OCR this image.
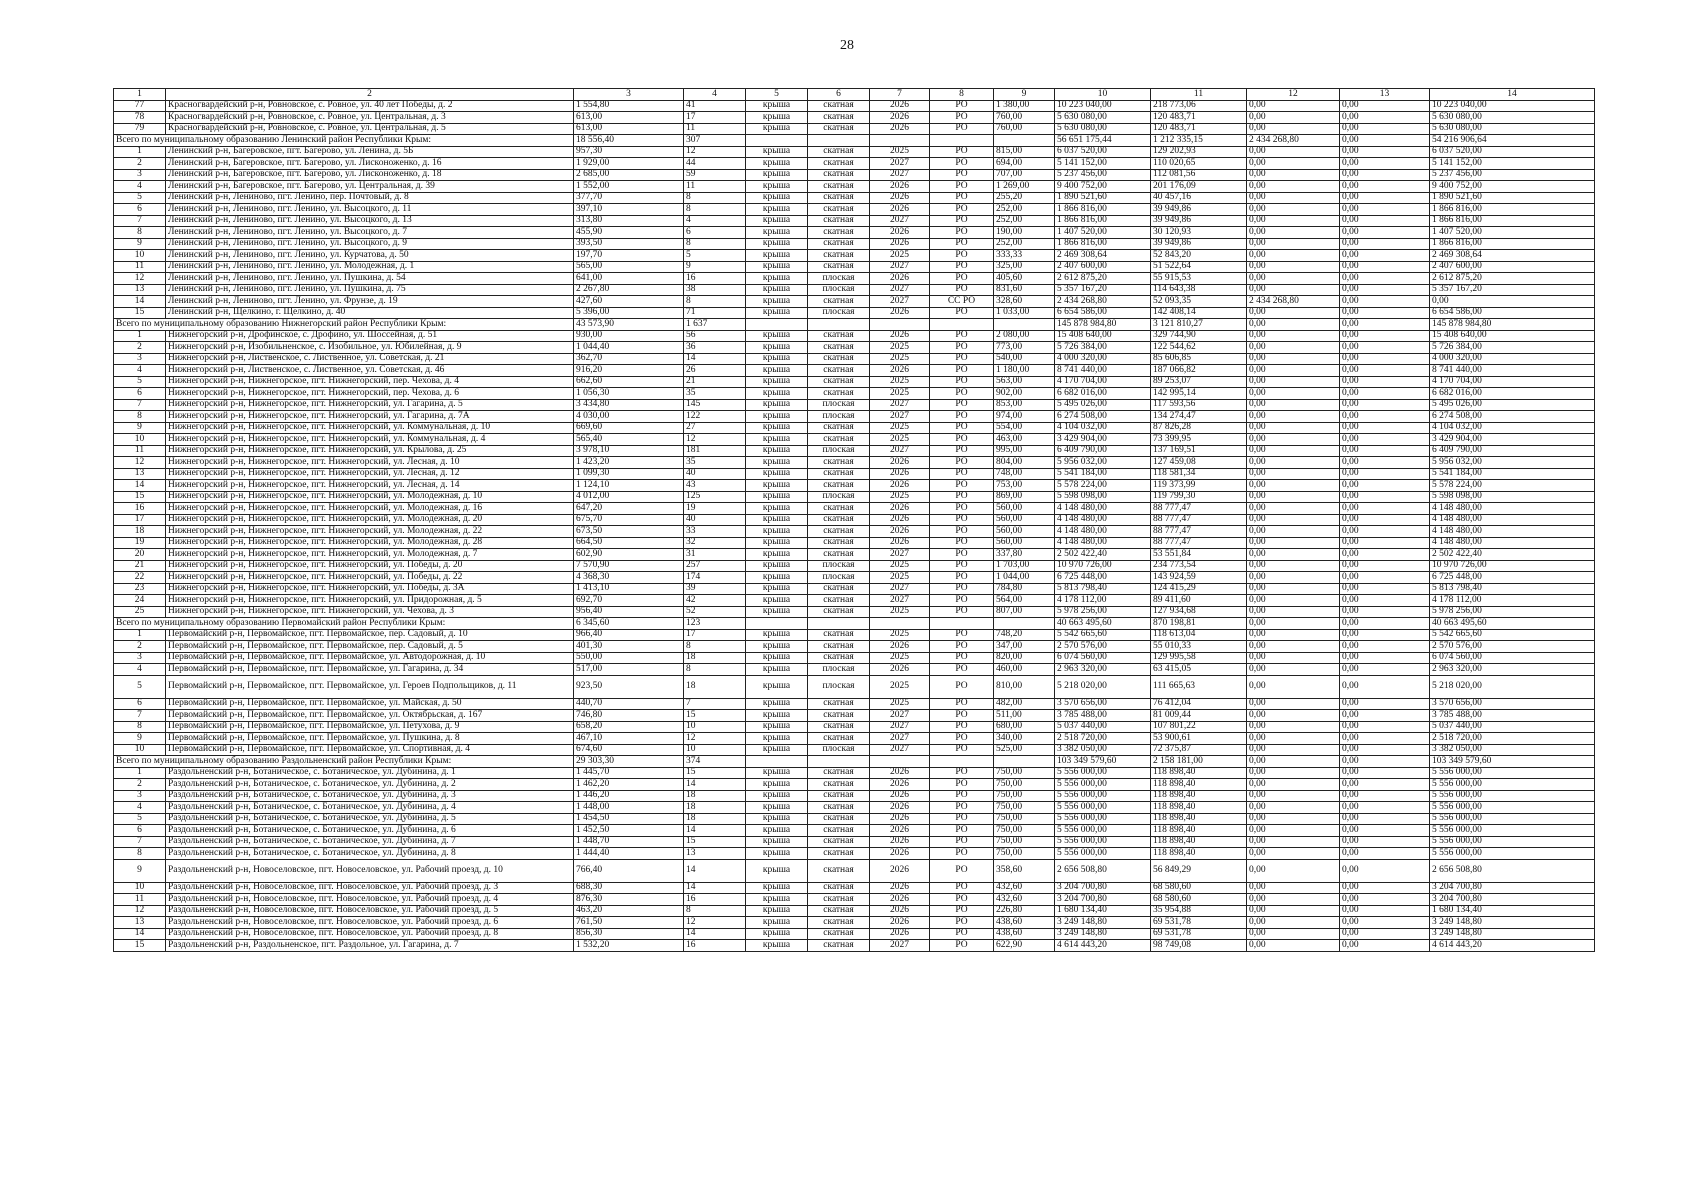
28
1	2	3	4	5	6	7	8	9	10	11	12	13	14
77	Красногвардейский р-н, Ровновское, с. Ровное, ул. 40 лет Победы, д. 2	1 554,80	41	крыша	скатная	2026	РО	1 380,00	10 223 040,00	218 773,06	0,00	0,00	10 223 040,00
78	Красногвардейский р-н, Ровновское, с. Ровное, ул. Центральная, д. 3	613,00	17	крыша	скатная	2026	РО	760,00	5 630 080,00	120 483,71	0,00	0,00	5 630 080,00
79	Красногвардейский р-н, Ровновское, с. Ровное, ул. Центральная, д. 5	613,00	11	крыша	скатная	2026	РО	760,00	5 630 080,00	120 483,71	0,00	0,00	5 630 080,00
Всего по муниципальному образованию Ленинский район Республики Крым:		18 556,40	307						56 651 175,44	1 212 335,15	2 434 268,80	0,00	54 216 906,64
1	Ленинский р-н, Багеровское, пгт. Багерово, ул. Ленина, д. 5Б	957,30	12	крыша	скатная	2025	РО	815,00	6 037 520,00	129 202,93	0,00	0,00	6 037 520,00
2	Ленинский р-н, Багеровское, пгт. Багерово, ул. Лисконоженко, д. 16	1 929,00	44	крыша	скатная	2027	РО	694,00	5 141 152,00	110 020,65	0,00	0,00	5 141 152,00
3	Ленинский р-н, Багеровское, пгт. Багерово, ул. Лисконоженко, д. 18	2 685,00	59	крыша	скатная	2027	РО	707,00	5 237 456,00	112 081,56	0,00	0,00	5 237 456,00
4	Ленинский р-н, Багеровское, пгт. Багерово, ул. Центральная, д. 39	1 552,00	11	крыша	скатная	2026	РО	1 269,00	9 400 752,00	201 176,09	0,00	0,00	9 400 752,00
5	Ленинский р-н, Лениново, пгт. Ленино, пер. Почтовый, д. 8	377,70	8	крыша	скатная	2026	РО	255,20	1 890 521,60	40 457,16	0,00	0,00	1 890 521,60
6	Ленинский р-н, Лениново, пгт. Ленино, ул. Высоцкого, д. 11	397,10	8	крыша	скатная	2026	РО	252,00	1 866 816,00	39 949,86	0,00	0,00	1 866 816,00
7	Ленинский р-н, Лениново, пгт. Ленино, ул. Высоцкого, д. 13	313,80	4	крыша	скатная	2027	РО	252,00	1 866 816,00	39 949,86	0,00	0,00	1 866 816,00
8	Ленинский р-н, Лениново, пгт. Ленино, ул. Высоцкого, д. 7	455,90	6	крыша	скатная	2026	РО	190,00	1 407 520,00	30 120,93	0,00	0,00	1 407 520,00
9	Ленинский р-н, Лениново, пгт. Ленино, ул. Высоцкого, д. 9	393,50	8	крыша	скатная	2026	РО	252,00	1 866 816,00	39 949,86	0,00	0,00	1 866 816,00
10	Ленинский р-н, Лениново, пгт. Ленино, ул. Курчатова, д. 50	197,70	5	крыша	скатная	2025	РО	333,33	2 469 308,64	52 843,20	0,00	0,00	2 469 308,64
11	Ленинский р-н, Лениново, пгт. Ленино, ул. Молодежная, д. 1	565,00	9	крыша	скатная	2027	РО	325,00	2 407 600,00	51 522,64	0,00	0,00	2 407 600,00
12	Ленинский р-н, Лениново, пгт. Ленино, ул. Пушкина, д. 54	641,00	16	крыша	плоская	2026	РО	405,60	2 612 875,20	55 915,53	0,00	0,00	2 612 875,20
13	Ленинский р-н, Лениново, пгт. Ленино, ул. Пушкина, д. 75	2 267,80	38	крыша	плоская	2027	РО	831,60	5 357 167,20	114 643,38	0,00	0,00	5 357 167,20
14	Ленинский р-н, Лениново, пгт. Ленино, ул. Фрунзе, д. 19	427,60	8	крыша	скатная	2027	СС РО	328,60	2 434 268,80	52 093,35	2 434 268,80	0,00	0,00
15	Ленинский р-н, Щелкино, г. Щелкино, д. 40	5 396,00	71	крыша	плоская	2026	РО	1 033,00	6 654 586,00	142 408,14	0,00	0,00	6 654 586,00
Всего по муниципальному образованию Нижнегорский район Республики Крым:		43 573,90	1 637						145 878 984,80	3 121 810,27	0,00	0,00	145 878 984,80
1	Нижнегорский р-н, Дрофинское, с. Дрофино, ул. Шоссейная, д. 51	930,00	56	крыша	скатная	2026	РО	2 080,00	15 408 640,00	329 744,90	0,00	0,00	15 408 640,00
2	Нижнегорский р-н, Изобильненское, с. Изобильное, ул. Юбилейная, д. 9	1 044,40	36	крыша	скатная	2025	РО	773,00	5 726 384,00	122 544,62	0,00	0,00	5 726 384,00
3	Нижнегорский р-н, Лиственское, с. Лиственное, ул. Советская, д. 21	362,70	14	крыша	скатная	2025	РО	540,00	4 000 320,00	85 606,85	0,00	0,00	4 000 320,00
4	Нижнегорский р-н, Лиственское, с. Лиственное, ул. Советская, д. 46	916,20	26	крыша	скатная	2026	РО	1 180,00	8 741 440,00	187 066,82	0,00	0,00	8 741 440,00
5	Нижнегорский р-н, Нижнегорское, пгт. Нижнегорский, пер. Чехова, д. 4	662,60	21	крыша	скатная	2025	РО	563,00	4 170 704,00	89 253,07	0,00	0,00	4 170 704,00
6	Нижнегорский р-н, Нижнегорское, пгт. Нижнегорский, пер. Чехова, д. 6	1 056,30	35	крыша	скатная	2025	РО	902,00	6 682 016,00	142 995,14	0,00	0,00	6 682 016,00
7	Нижнегорский р-н, Нижнегорское, пгт. Нижнегорский, ул. Гагарина, д. 5	3 434,80	145	крыша	плоская	2027	РО	853,00	5 495 026,00	117 593,56	0,00	0,00	5 495 026,00
8	Нижнегорский р-н, Нижнегорское, пгт. Нижнегорский, ул. Гагарина, д. 7А	4 030,00	122	крыша	плоская	2027	РО	974,00	6 274 508,00	134 274,47	0,00	0,00	6 274 508,00
9	Нижнегорский р-н, Нижнегорское, пгт. Нижнегорский, ул. Коммунальная, д. 10	669,60	27	крыша	скатная	2025	РО	554,00	4 104 032,00	87 826,28	0,00	0,00	4 104 032,00
10	Нижнегорский р-н, Нижнегорское, пгт. Нижнегорский, ул. Коммунальная, д. 4	565,40	12	крыша	скатная	2025	РО	463,00	3 429 904,00	73 399,95	0,00	0,00	3 429 904,00
11	Нижнегорский р-н, Нижнегорское, пгт. Нижнегорский, ул. Крылова, д. 25	3 978,10	181	крыша	плоская	2027	РО	995,00	6 409 790,00	137 169,51	0,00	0,00	6 409 790,00
12	Нижнегорский р-н, Нижнегорское, пгт. Нижнегорский, ул. Лесная, д. 10	1 423,20	35	крыша	скатная	2026	РО	804,00	5 956 032,00	127 459,08	0,00	0,00	5 956 032,00
13	Нижнегорский р-н, Нижнегорское, пгт. Нижнегорский, ул. Лесная, д. 12	1 099,30	40	крыша	скатная	2026	РО	748,00	5 541 184,00	118 581,34	0,00	0,00	5 541 184,00
14	Нижнегорский р-н, Нижнегорское, пгт. Нижнегорский, ул. Лесная, д. 14	1 124,10	43	крыша	скатная	2026	РО	753,00	5 578 224,00	119 373,99	0,00	0,00	5 578 224,00
15	Нижнегорский р-н, Нижнегорское, пгт. Нижнегорский, ул. Молодежная, д. 10	4 012,00	125	крыша	плоская	2025	РО	869,00	5 598 098,00	119 799,30	0,00	0,00	5 598 098,00
16	Нижнегорский р-н, Нижнегорское, пгт. Нижнегорский, ул. Молодежная, д. 16	647,20	19	крыша	скатная	2026	РО	560,00	4 148 480,00	88 777,47	0,00	0,00	4 148 480,00
17	Нижнегорский р-н, Нижнегорское, пгт. Нижнегорский, ул. Молодежная, д. 20	675,70	40	крыша	скатная	2026	РО	560,00	4 148 480,00	88 777,47	0,00	0,00	4 148 480,00
18	Нижнегорский р-н, Нижнегорское, пгт. Нижнегорский, ул. Молодежная, д. 22	673,50	33	крыша	скатная	2026	РО	560,00	4 148 480,00	88 777,47	0,00	0,00	4 148 480,00
19	Нижнегорский р-н, Нижнегорское, пгт. Нижнегорский, ул. Молодежная, д. 28	664,50	32	крыша	скатная	2026	РО	560,00	4 148 480,00	88 777,47	0,00	0,00	4 148 480,00
20	Нижнегорский р-н, Нижнегорское, пгт. Нижнегорский, ул. Молодежная, д. 7	602,90	31	крыша	скатная	2027	РО	337,80	2 502 422,40	53 551,84	0,00	0,00	2 502 422,40
21	Нижнегорский р-н, Нижнегорское, пгт. Нижнегорский, ул. Победы, д. 20	7 570,90	257	крыша	плоская	2025	РО	1 703,00	10 970 726,00	234 773,54	0,00	0,00	10 970 726,00
22	Нижнегорский р-н, Нижнегорское, пгт. Нижнегорский, ул. Победы, д. 22	4 368,30	174	крыша	плоская	2025	РО	1 044,00	6 725 448,00	143 924,59	0,00	0,00	6 725 448,00
23	Нижнегорский р-н, Нижнегорское, пгт. Нижнегорский, ул. Победы, д. 3А	1 413,10	39	крыша	скатная	2027	РО	784,80	5 813 798,40	124 415,29	0,00	0,00	5 813 798,40
24	Нижнегорский р-н, Нижнегорское, пгт. Нижнегорский, ул. Придорожная, д. 5	692,70	42	крыша	скатная	2027	РО	564,00	4 178 112,00	89 411,60	0,00	0,00	4 178 112,00
25	Нижнегорский р-н, Нижнегорское, пгт. Нижнегорский, ул. Чехова, д. 3	956,40	52	крыша	скатная	2025	РО	807,00	5 978 256,00	127 934,68	0,00	0,00	5 978 256,00
Всего по муниципальному образованию Первомайский район Республики Крым:		6 345,60	123						40 663 495,60	870 198,81	0,00	0,00	40 663 495,60
1	Первомайский р-н, Первомайское, пгт. Первомайское, пер. Садовый, д. 10	966,40	17	крыша	скатная	2025	РО	748,20	5 542 665,60	118 613,04	0,00	0,00	5 542 665,60
2	Первомайский р-н, Первомайское, пгт. Первомайское, пер. Садовый, д. 5	401,30	8	крыша	скатная	2026	РО	347,00	2 570 576,00	55 010,33	0,00	0,00	2 570 576,00
3	Первомайский р-н, Первомайское, пгт. Первомайское, ул. Автодорожная, д. 10	550,00	18	крыша	скатная	2025	РО	820,00	6 074 560,00	129 995,58	0,00	0,00	6 074 560,00
4	Первомайский р-н, Первомайское, пгт. Первомайское, ул. Гагарина, д. 34	517,00	8	крыша	плоская	2026	РО	460,00	2 963 320,00	63 415,05	0,00	0,00	2 963 320,00
5	Первомайский р-н, Первомайское, пгт. Первомайское, ул. Героев Подпольщиков, д. 11	923,50	18	крыша	плоская	2025	РО	810,00	5 218 020,00	111 665,63	0,00	0,00	5 218 020,00
6	Первомайский р-н, Первомайское, пгт. Первомайское, ул. Майская, д. 50	440,70	7	крыша	скатная	2025	РО	482,00	3 570 656,00	76 412,04	0,00	0,00	3 570 656,00
7	Первомайский р-н, Первомайское, пгт. Первомайское, ул. Октябрьская, д. 167	746,80	15	крыша	скатная	2027	РО	511,00	3 785 488,00	81 009,44	0,00	0,00	3 785 488,00
8	Первомайский р-н, Первомайское, пгт. Первомайское, ул. Петухова, д. 9	658,20	10	крыша	скатная	2027	РО	680,00	5 037 440,00	107 801,22	0,00	0,00	5 037 440,00
9	Первомайский р-н, Первомайское, пгт. Первомайское, ул. Пушкина, д. 8	467,10	12	крыша	скатная	2027	РО	340,00	2 518 720,00	53 900,61	0,00	0,00	2 518 720,00
10	Первомайский р-н, Первомайское, пгт. Первомайское, ул. Спортивная, д. 4	674,60	10	крыша	плоская	2027	РО	525,00	3 382 050,00	72 375,87	0,00	0,00	3 382 050,00
Всего по муниципальному образованию Раздольненский район Республики Крым:		29 303,30	374						103 349 579,60	2 158 181,00	0,00	0,00	103 349 579,60
1	Раздольненский р-н, Ботаническое, с. Ботаническое, ул. Дубинина, д. 1	1 445,70	15	крыша	скатная	2026	РО	750,00	5 556 000,00	118 898,40	0,00	0,00	5 556 000,00
2	Раздольненский р-н, Ботаническое, с. Ботаническое, ул. Дубинина, д. 2	1 462,20	14	крыша	скатная	2026	РО	750,00	5 556 000,00	118 898,40	0,00	0,00	5 556 000,00
3	Раздольненский р-н, Ботаническое, с. Ботаническое, ул. Дубинина, д. 3	1 446,20	18	крыша	скатная	2026	РО	750,00	5 556 000,00	118 898,40	0,00	0,00	5 556 000,00
4	Раздольненский р-н, Ботаническое, с. Ботаническое, ул. Дубинина, д. 4	1 448,00	18	крыша	скатная	2026	РО	750,00	5 556 000,00	118 898,40	0,00	0,00	5 556 000,00
5	Раздольненский р-н, Ботаническое, с. Ботаническое, ул. Дубинина, д. 5	1 454,50	18	крыша	скатная	2026	РО	750,00	5 556 000,00	118 898,40	0,00	0,00	5 556 000,00
6	Раздольненский р-н, Ботаническое, с. Ботаническое, ул. Дубинина, д. 6	1 452,50	14	крыша	скатная	2026	РО	750,00	5 556 000,00	118 898,40	0,00	0,00	5 556 000,00
7	Раздольненский р-н, Ботаническое, с. Ботаническое, ул. Дубинина, д. 7	1 448,70	15	крыша	скатная	2026	РО	750,00	5 556 000,00	118 898,40	0,00	0,00	5 556 000,00
8	Раздольненский р-н, Ботаническое, с. Ботаническое, ул. Дубинина, д. 8	1 444,40	13	крыша	скатная	2026	РО	750,00	5 556 000,00	118 898,40	0,00	0,00	5 556 000,00
9	Раздольненский р-н, Новоселовское, пгт. Новоселовское, ул. Рабочий проезд, д. 10	766,40	14	крыша	скатная	2026	РО	358,60	2 656 508,80	56 849,29	0,00	0,00	2 656 508,80
10	Раздольненский р-н, Новоселовское, пгт. Новоселовское, ул. Рабочий проезд, д. 3	688,30	14	крыша	скатная	2026	РО	432,60	3 204 700,80	68 580,60	0,00	0,00	3 204 700,80
11	Раздольненский р-н, Новоселовское, пгт. Новоселовское, ул. Рабочий проезд, д. 4	876,30	16	крыша	скатная	2026	РО	432,60	3 204 700,80	68 580,60	0,00	0,00	3 204 700,80
12	Раздольненский р-н, Новоселовское, пгт. Новоселовское, ул. Рабочий проезд, д. 5	463,20	8	крыша	скатная	2026	РО	226,80	1 680 134,40	35 954,88	0,00	0,00	1 680 134,40
13	Раздольненский р-н, Новоселовское, пгт. Новоселовское, ул. Рабочий проезд, д. 6	761,50	12	крыша	скатная	2026	РО	438,60	3 249 148,80	69 531,78	0,00	0,00	3 249 148,80
14	Раздольненский р-н, Новоселовское, пгт. Новоселовское, ул. Рабочий проезд, д. 8	856,30	14	крыша	скатная	2026	РО	438,60	3 249 148,80	69 531,78	0,00	0,00	3 249 148,80
15	Раздольненский р-н, Раздольненское, пгт. Раздольное, ул. Гагарина, д. 7	1 532,20	16	крыша	скатная	2027	РО	622,90	4 614 443,20	98 749,08	0,00	0,00	4 614 443,20
